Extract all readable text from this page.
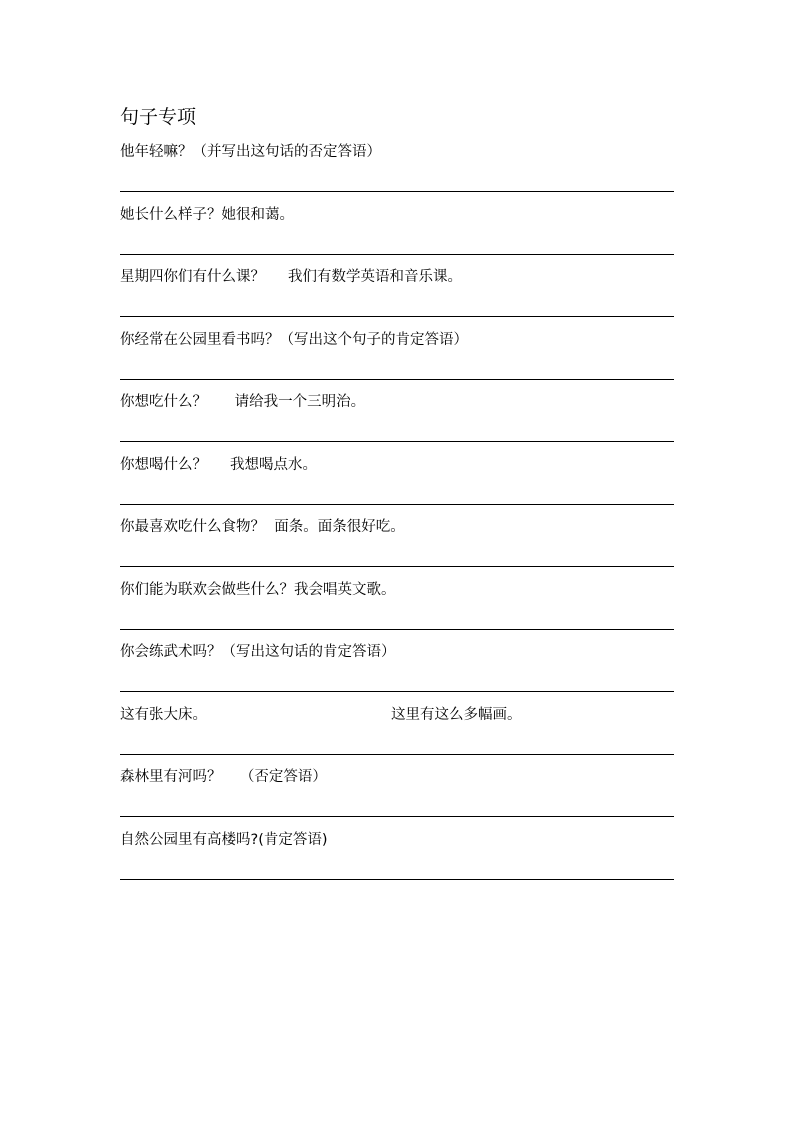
句子专项
他年轻嘛？（并写出这句话的否定答语）
她长什么样子？她很和蔼。
星期四你们有什么课？     我们有数学英语和音乐课。
你经常在公园里看书吗？（写出这个句子的肯定答语）
你想吃什么？      请给我一个三明治。
你想喝什么？     我想喝点水。
你最喜欢吃什么食物？  面条。面条很好吃。
你们能为联欢会做些什么？我会唱英文歌。
你会练武术吗？（写出这句话的肯定答语）
这有张大床。	这里有这么多幅画。
森林里有河吗？    （否定答语）
自然公园里有高楼吗?(肯定答语)
